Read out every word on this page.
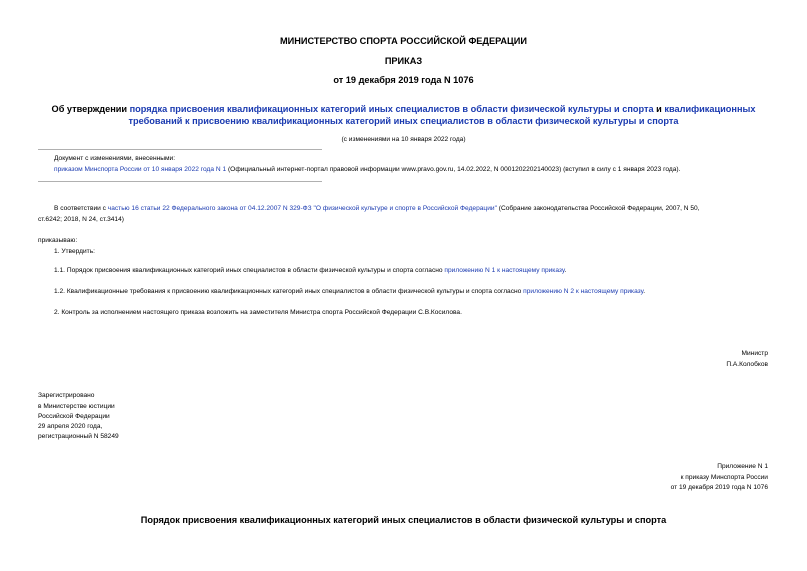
МИНИСТЕРСТВО СПОРТА РОССИЙСКОЙ ФЕДЕРАЦИИ
ПРИКАЗ
от 19 декабря 2019 года N 1076
Об утверждении порядка присвоения квалификационных категорий иных специалистов в области физической культуры и спорта и квалификационных
требований к присвоению квалификационных категорий иных специалистов в области физической культуры и спорта
(с изменениями на 10 января 2022 года)
Документ с изменениями, внесенными:
приказом Минспорта России от 10 января 2022 года N 1 (Официальный интернет-портал правовой информации www.pravo.gov.ru, 14.02.2022, N 0001202202140023) (вступил в силу с 1 января 2023 года).
В соответствии с частью 16 статьи 22 Федерального закона от 04.12.2007 N 329-ФЗ "О физической культуре и спорте в Российской Федерации" (Собрание законодательства Российской Федерации, 2007, N 50,
ст.6242; 2018, N 24, ст.3414)
приказываю:
1. Утвердить:
1.1. Порядок присвоения квалификационных категорий иных специалистов в области физической культуры и спорта согласно приложению N 1 к настоящему приказу.
1.2. Квалификационные требования к присвоению квалификационных категорий иных специалистов в области физической культуры и спорта согласно приложению N 2 к настоящему приказу.
2. Контроль за исполнением настоящего приказа возложить на заместителя Министра спорта Российской Федерации С.В.Косилова.
Министр
П.А.Колобков
Зарегистрировано
в Министерстве юстиции
Российской Федерации
29 апреля 2020 года,
регистрационный N 58249
Приложение N 1
к приказу Минспорта России
от 19 декабря 2019 года N 1076
Порядок присвоения квалификационных категорий иных специалистов в области физической культуры и спорта
